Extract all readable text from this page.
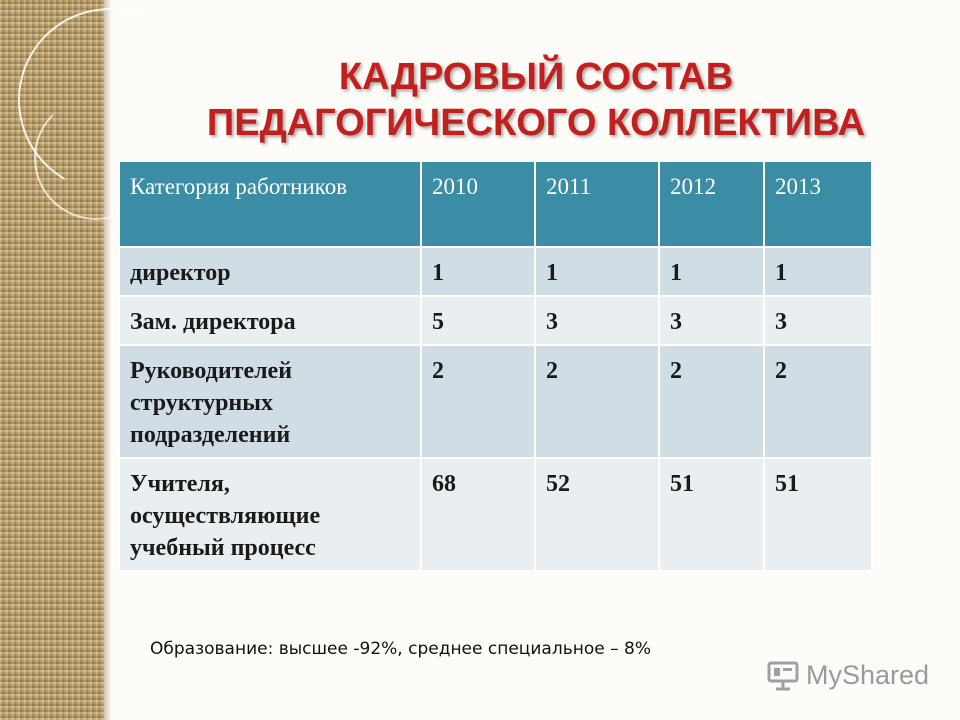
КАДРОВЫЙ СОСТАВ
ПЕДАГОГИЧЕСКОГО КОЛЛЕКТИВА
Категория работников	2010	2011	2012	2013
директор	1	1	1	1
Зам. директора	5	3	3	3
Руководителей структурных подразделений	2	2	2	2
Учителя, осуществляющие учебный процесс	68	52	51	51
Образование: высшее -92%, среднее специальное – 8%
MyShared
